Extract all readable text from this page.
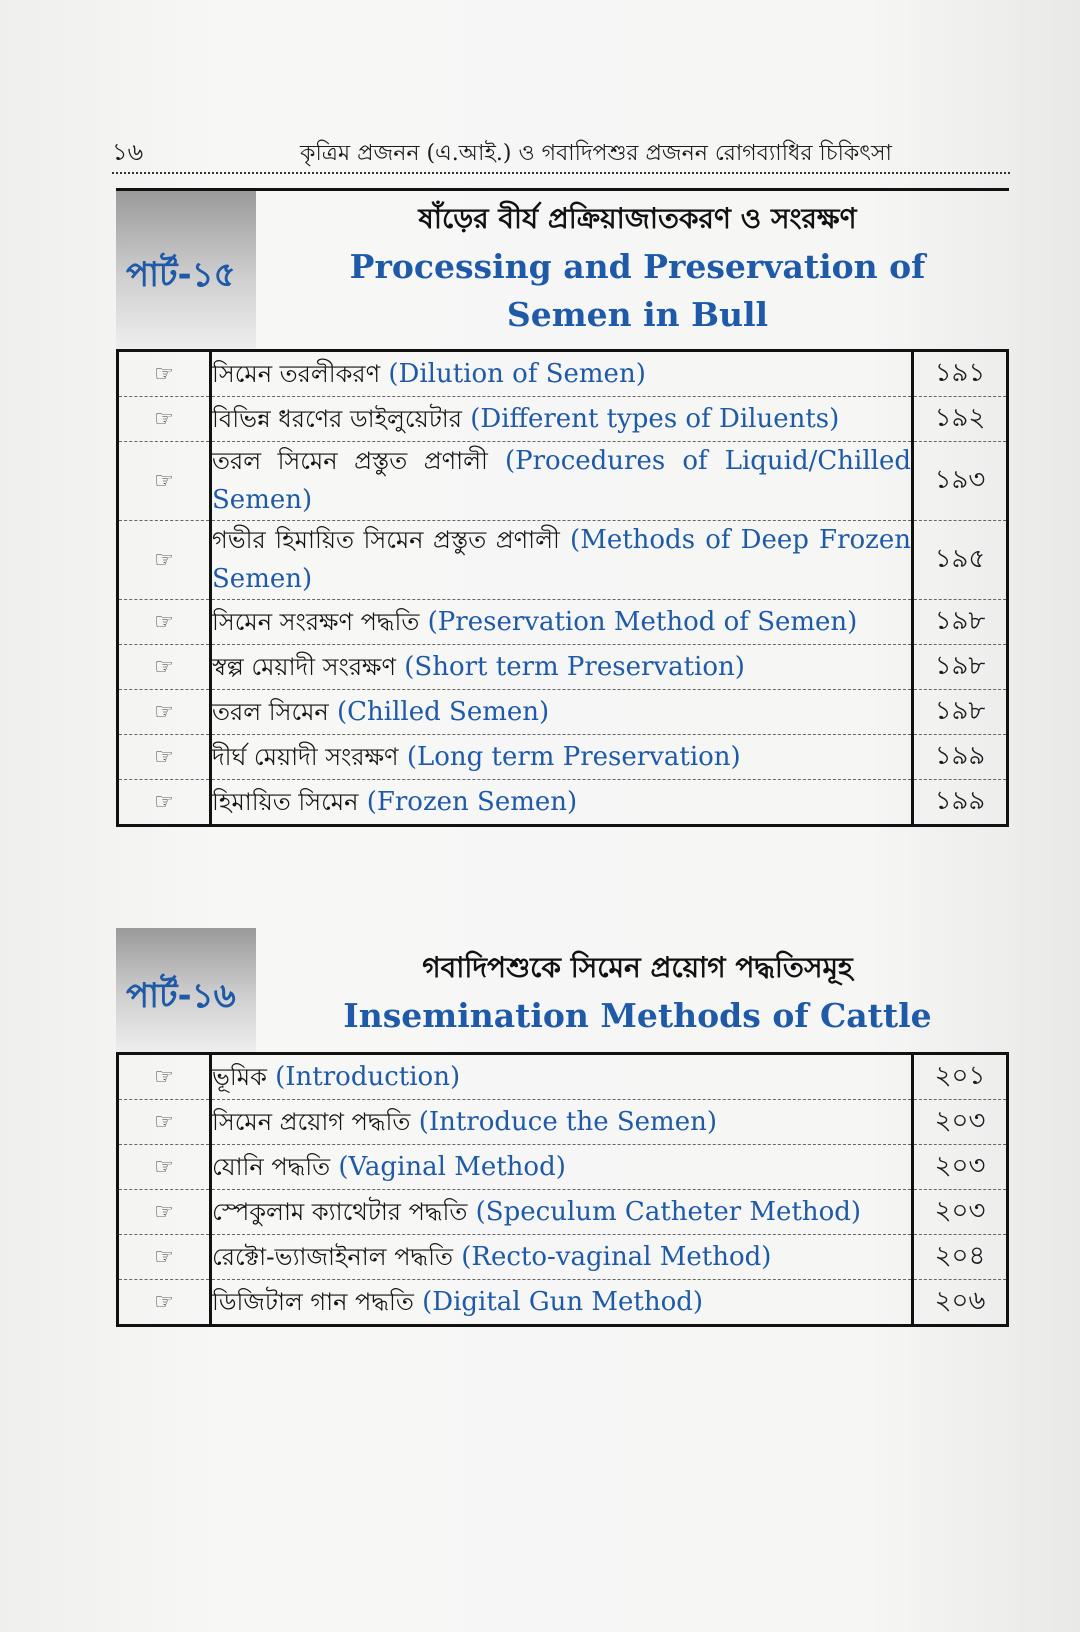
১৬	কৃত্রিম প্রজনন (এ.আই.) ও গবাদিপশুর প্রজনন রোগব্যাধির চিকিৎসা
পার্ট-১৫
ষাঁড়ের বীর্য প্রক্রিয়াজাতকরণ ও সংরক্ষণ
Processing and Preservation of
Semen in Bull
☞	সিমেন তরলীকরণ (Dilution of Semen)	১৯১
☞	বিভিন্ন ধরণের ডাইলুয়েটার (Different types of Diluents)	১৯২
☞	তরল সিমেন প্রস্তুত প্রণালী (Procedures of Liquid/Chilled Semen)	১৯৩
☞	গভীর হিমায়িত সিমেন প্রস্তুত প্রণালী (Methods of Deep Frozen Semen)	১৯৫
☞	সিমেন সংরক্ষণ পদ্ধতি (Preservation Method of Semen)	১৯৮
☞	স্বল্প মেয়াদী সংরক্ষণ (Short term Preservation)	১৯৮
☞	তরল সিমেন (Chilled Semen)	১৯৮
☞	দীর্ঘ মেয়াদী সংরক্ষণ (Long term Preservation)	১৯৯
☞	হিমায়িত সিমেন (Frozen Semen)	১৯৯
পার্ট-১৬
গবাদিপশুকে সিমেন প্রয়োগ পদ্ধতিসমূহ
Insemination Methods of Cattle
☞	ভূমিক (Introduction)	২০১
☞	সিমেন প্রয়োগ পদ্ধতি (Introduce the Semen)	২০৩
☞	যোনি পদ্ধতি (Vaginal Method)	২০৩
☞	স্পেকুলাম ক্যাথেটার পদ্ধতি (Speculum Catheter Method)	২০৩
☞	রেক্টো-ভ্যাজাইনাল পদ্ধতি (Recto-vaginal Method)	২০৪
☞	ডিজিটাল গান পদ্ধতি (Digital Gun Method)	২০৬
